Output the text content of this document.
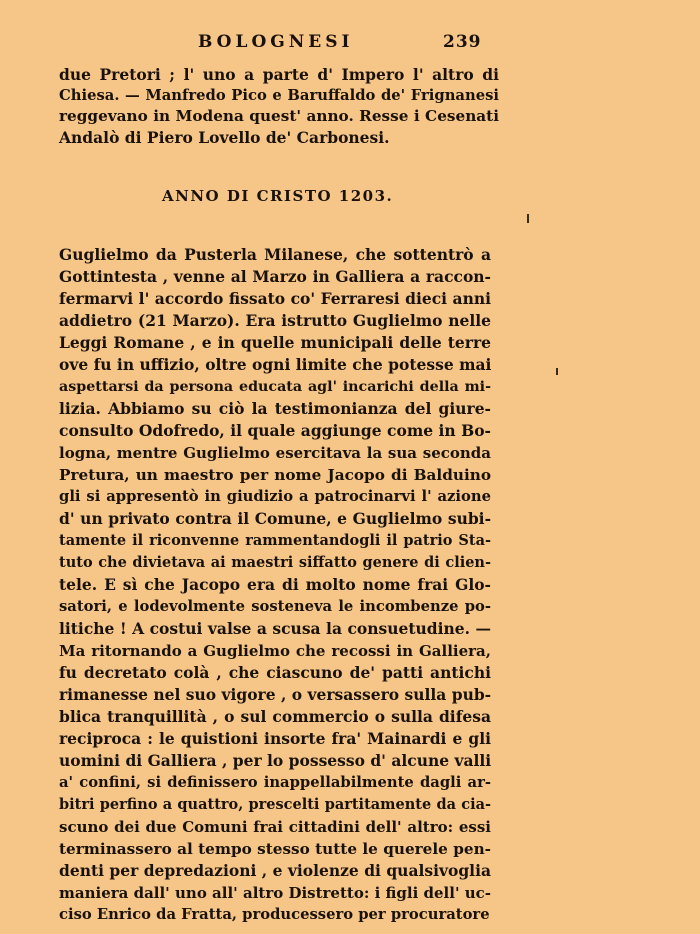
BOLOGNESI	239
due Pretori ; l' uno a parte d' Impero l' altro di
Chiesa. — Manfredo Pico e Baruffaldo de' Frignanesi
reggevano in Modena quest' anno. Resse i Cesenati
Andalò di Piero Lovello de' Carbonesi.
ANNO DI CRISTO 1203.
Guglielmo da Pusterla Milanese, che sottentrò a
Gottintesta , venne al Marzo in Galliera a raccon-
fermarvi l' accordo fissato co' Ferraresi dieci anni
addietro (21 Marzo). Era istrutto Guglielmo nelle
Leggi Romane , e in quelle municipali delle terre
ove fu in uffizio, oltre ogni limite che potesse mai
aspettarsi da persona educata agl' incarichi della mi-
lizia. Abbiamo su ciò la testimonianza del giure-
consulto Odofredo, il quale aggiunge come in Bo-
logna, mentre Guglielmo esercitava la sua seconda
Pretura, un maestro per nome Jacopo di Balduino
gli si appresentò in giudizio a patrocinarvi l' azione
d' un privato contra il Comune, e Guglielmo subi-
tamente il riconvenne rammentandogli il patrio Sta-
tuto che divietava ai maestri siffatto genere di clien-
tele. E sì che Jacopo era di molto nome frai Glo-
satori, e lodevolmente sosteneva le incombenze po-
litiche ! A costui valse a scusa la consuetudine. —
Ma ritornando a Guglielmo che recossi in Galliera,
fu decretato colà , che ciascuno de' patti antichi
rimanesse nel suo vigore , o versassero sulla pub-
blica tranquillità , o sul commercio o sulla difesa
reciproca : le quistioni insorte fra' Mainardi e gli
uomini di Galliera , per lo possesso d' alcune valli
a' confini, si definissero inappellabilmente dagli ar-
bitri perfino a quattro, prescelti partitamente da cia-
scuno dei due Comuni frai cittadini dell' altro: essi
terminassero al tempo stesso tutte le querele pen-
denti per depredazioni , e violenze di qualsivoglia
maniera dall' uno all' altro Distretto: i figli dell' uc-
ciso Enrico da Fratta, producessero per procuratore
